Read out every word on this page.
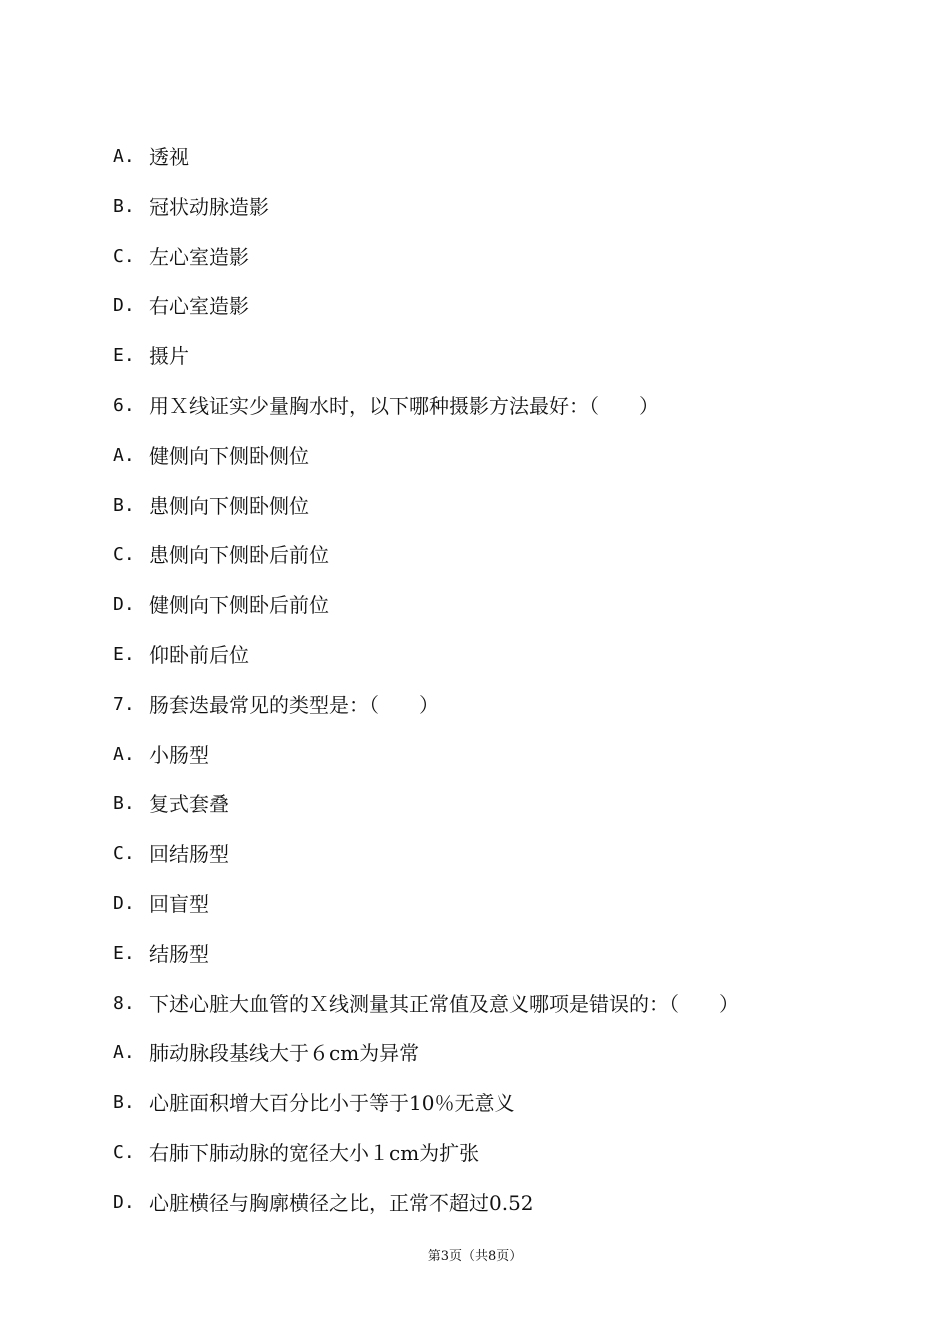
A. 透视
B. 冠状动脉造影
C. 左心室造影
D. 右心室造影
E. 摄片
6. 用Ｘ线证实少量胸水时，以下哪种摄影方法最好：（　　）
A. 健侧向下侧卧侧位
B. 患侧向下侧卧侧位
C. 患侧向下侧卧后前位
D. 健侧向下侧卧后前位
E. 仰卧前后位
7. 肠套迭最常见的类型是：（　　）
A. 小肠型
B. 复式套叠
C. 回结肠型
D. 回盲型
E. 结肠型
8. 下述心脏大血管的Ｘ线测量其正常值及意义哪项是错误的：（　　）
A. 肺动脉段基线大于６cm为异常
B. 心脏面积增大百分比小于等于10％无意义
C. 右肺下肺动脉的宽径大小１cm为扩张
D. 心脏横径与胸廓横径之比，正常不超过0.52
第3页（共8页）
